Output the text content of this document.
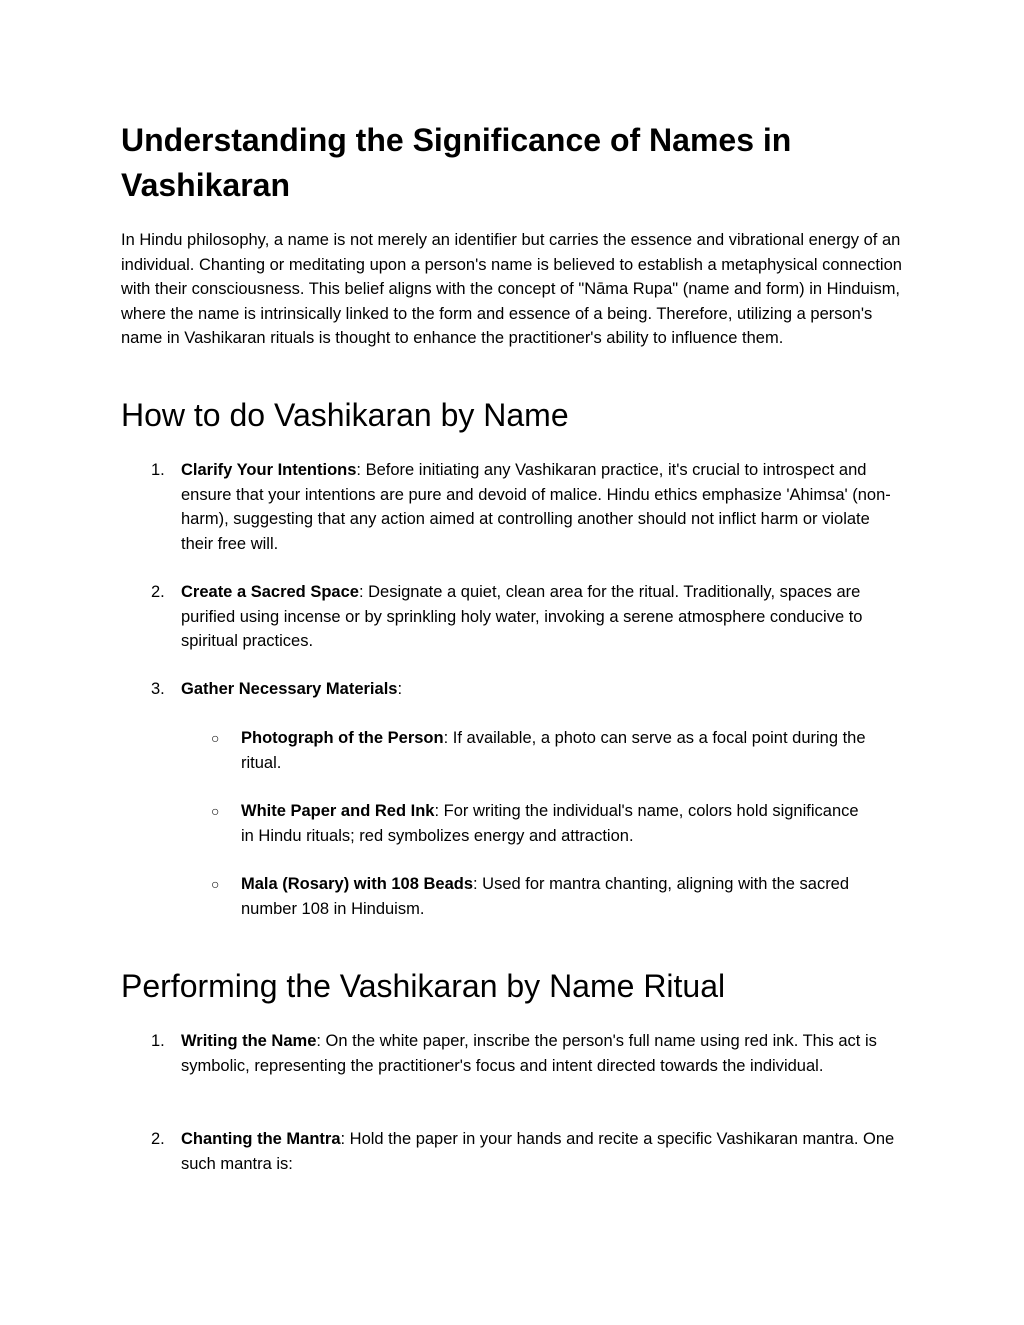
Understanding the Significance of Names in Vashikaran

In Hindu philosophy, a name is not merely an identifier but carries the essence and vibrational energy of an individual. Chanting or meditating upon a person's name is believed to establish a metaphysical connection with their consciousness. This belief aligns with the concept of "Nāma Rupa" (name and form) in Hinduism, where the name is intrinsically linked to the form and essence of a being. Therefore, utilizing a person's name in Vashikaran rituals is thought to enhance the practitioner's ability to influence them.

How to do Vashikaran by Name
1. Clarify Your Intentions: Before initiating any Vashikaran practice, it's crucial to introspect and ensure that your intentions are pure and devoid of malice. Hindu ethics emphasize 'Ahimsa' (non-harm), suggesting that any action aimed at controlling another should not inflict harm or violate their free will.
2. Create a Sacred Space: Designate a quiet, clean area for the ritual. Traditionally, spaces are purified using incense or by sprinkling holy water, invoking a serene atmosphere conducive to spiritual practices.
3. Gather Necessary Materials:
○ Photograph of the Person: If available, a photo can serve as a focal point during the ritual.
○ White Paper and Red Ink: For writing the individual's name, colors hold significance in Hindu rituals; red symbolizes energy and attraction.
○ Mala (Rosary) with 108 Beads: Used for mantra chanting, aligning with the sacred number 108 in Hinduism.
Performing the Vashikaran by Name Ritual
1. Writing the Name: On the white paper, inscribe the person's full name using red ink. This act is symbolic, representing the practitioner's focus and intent directed towards the individual.
2. Chanting the Mantra: Hold the paper in your hands and recite a specific Vashikaran mantra. One such mantra is:
